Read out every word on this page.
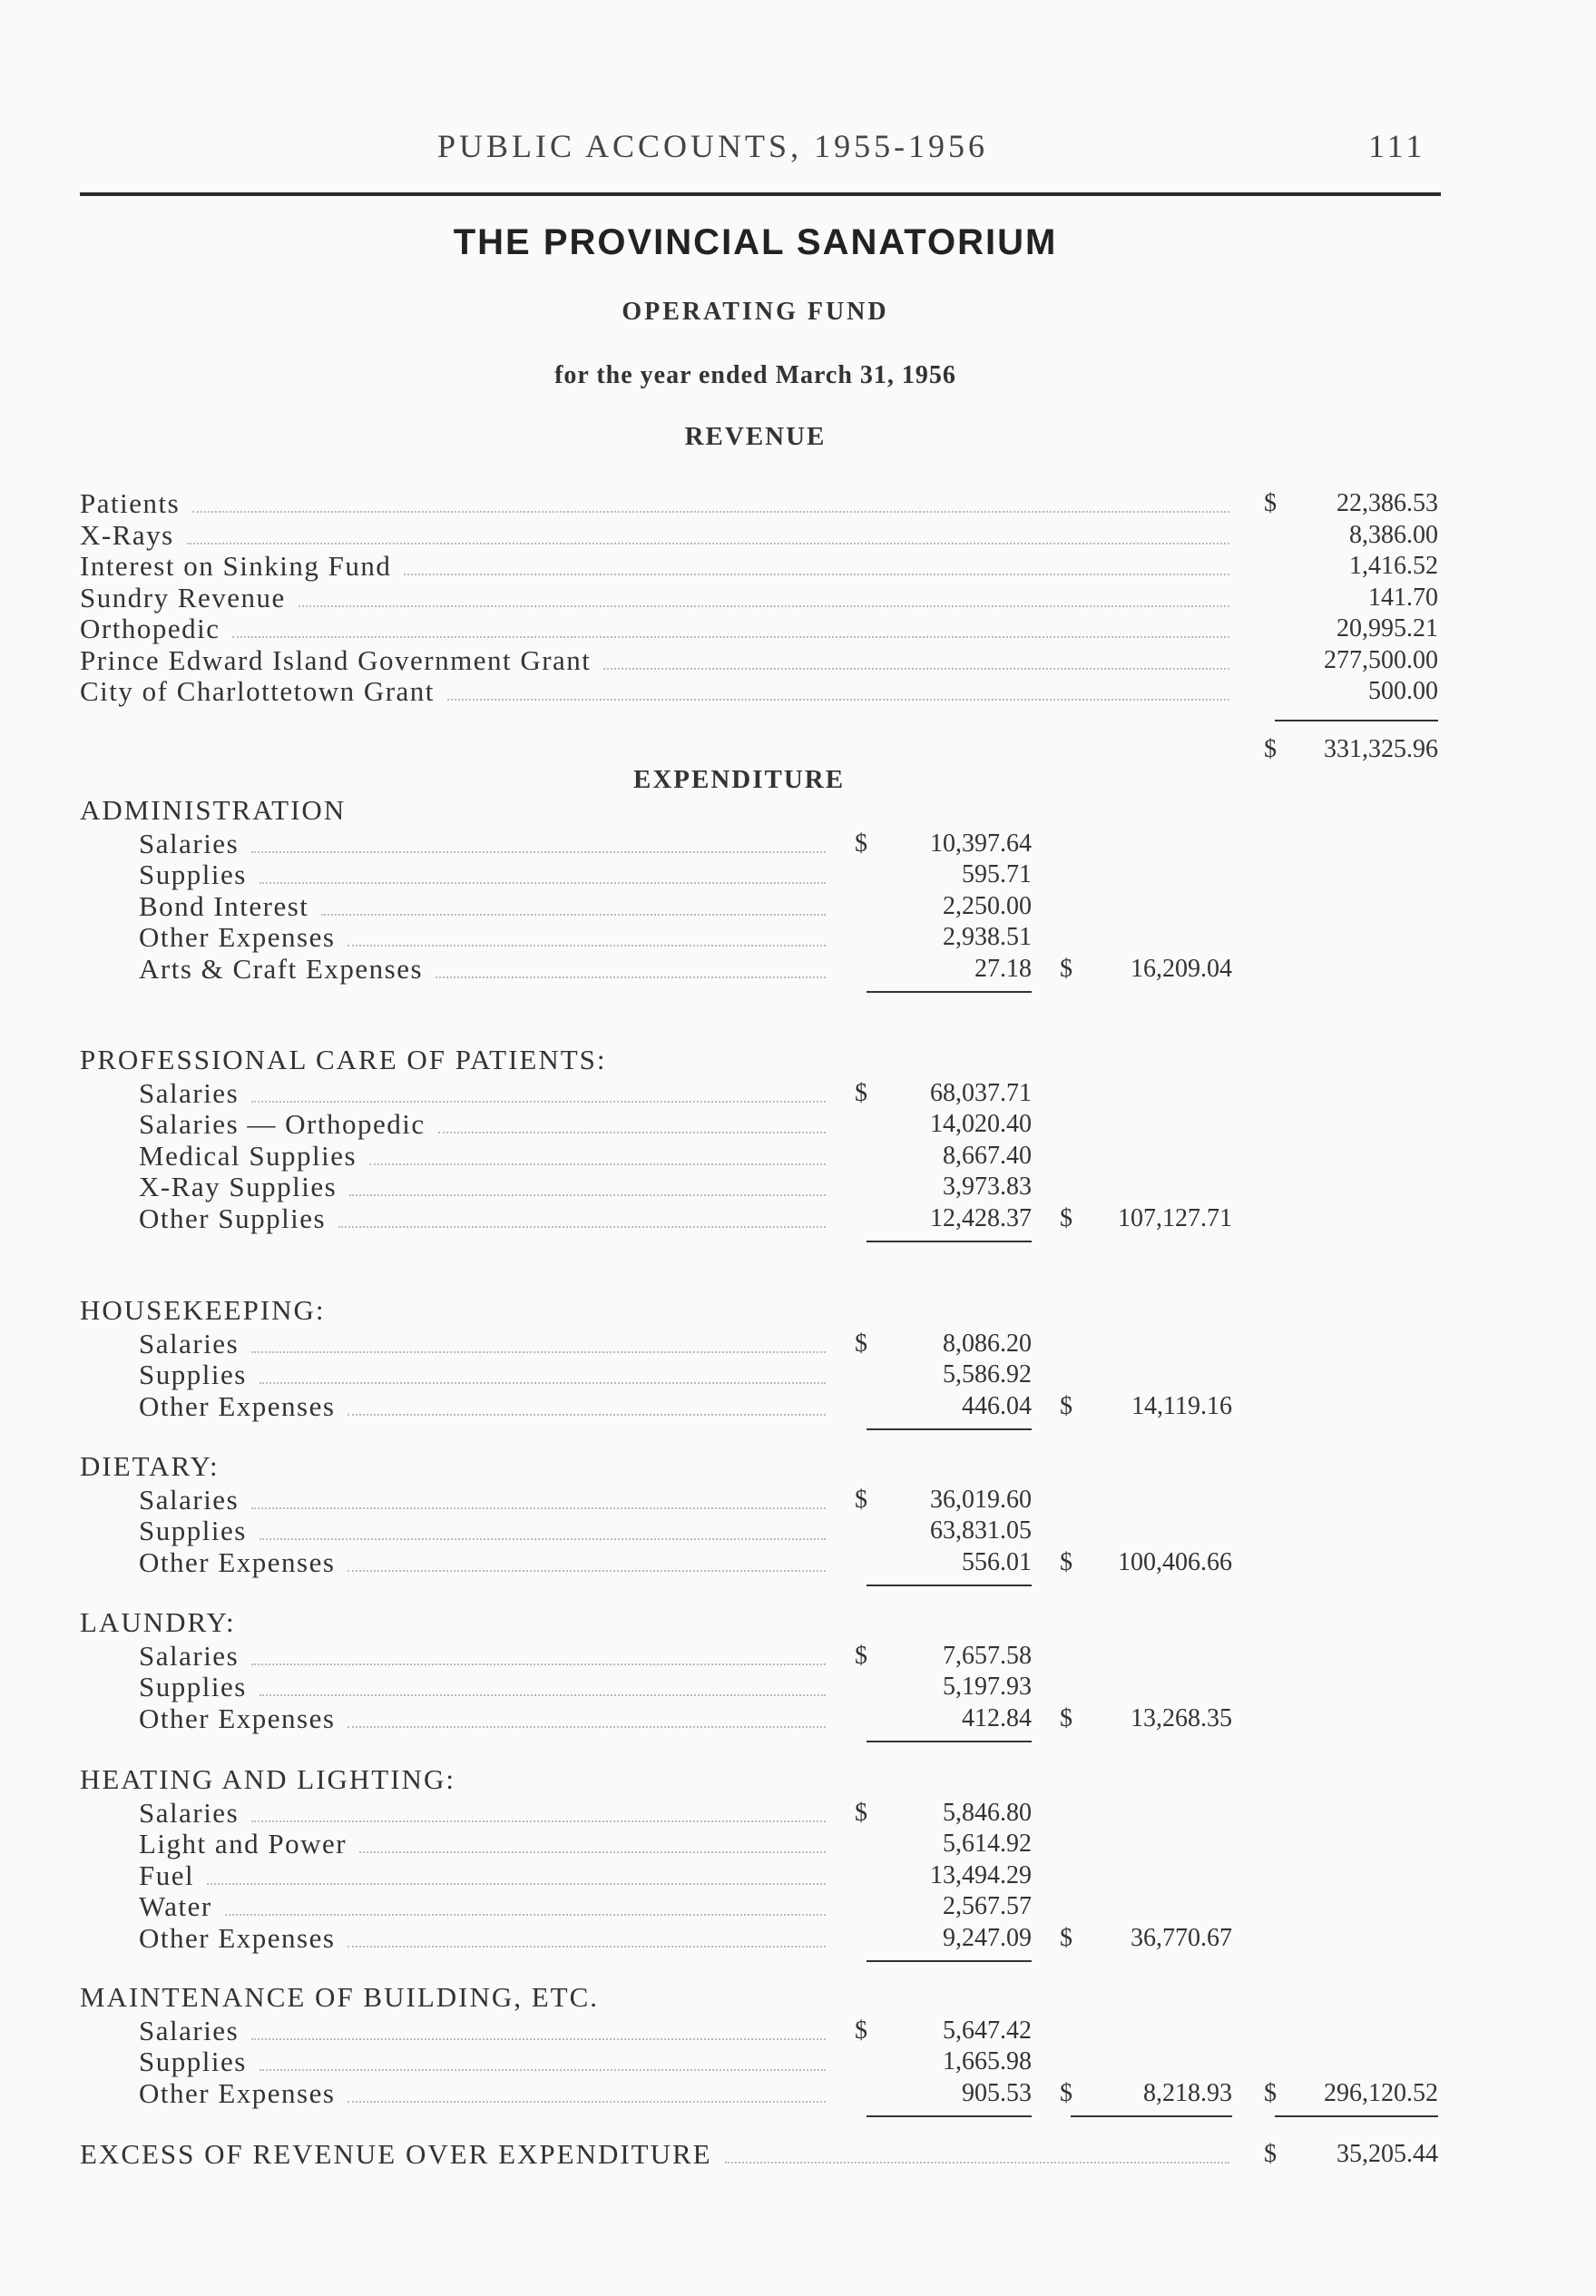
PUBLIC ACCOUNTS, 1955-1956	111
THE PROVINCIAL SANATORIUM
OPERATING FUND
for the year ended March 31, 1956
REVENUE
Patients	$	22,386.53
X-Rays	8,386.00
Interest on Sinking Fund	1,416.52
Sundry Revenue	141.70
Orthopedic	20,995.21
Prince Edward Island Government Grant	277,500.00
City of Charlottetown Grant	500.00
$	331,325.96
EXPENDITURE
ADMINISTRATION
Salaries	$	10,397.64
Supplies	595.71
Bond Interest	2,250.00
Other Expenses	2,938.51
Arts & Craft Expenses	27.18 $	16,209.04
PROFESSIONAL CARE OF PATIENTS:
Salaries	$	68,037.71
Salaries — Orthopedic	14,020.40
Medical Supplies	8,667.40
X-Ray Supplies	3,973.83
Other Supplies	12,428.37 $	107,127.71
HOUSEKEEPING:
Salaries	$	8,086.20
Supplies	5,586.92
Other Expenses	446.04 $	14,119.16
DIETARY:
Salaries	$	36,019.60
Supplies	63,831.05
Other Expenses	556.01 $	100,406.66
LAUNDRY:
Salaries	$	7,657.58
Supplies	5,197.93
Other Expenses	412.84 $	13,268.35
HEATING AND LIGHTING:
Salaries	$	5,846.80
Light and Power	5,614.92
Fuel	13,494.29
Water	2,567.57
Other Expenses	9,247.09 $	36,770.67
MAINTENANCE OF BUILDING, ETC.
Salaries	$	5,647.42
Supplies	1,665.98
Other Expenses	905.53 $	8,218.93 $	296,120.52
EXCESS OF REVENUE OVER EXPENDITURE	$	35,205.44
